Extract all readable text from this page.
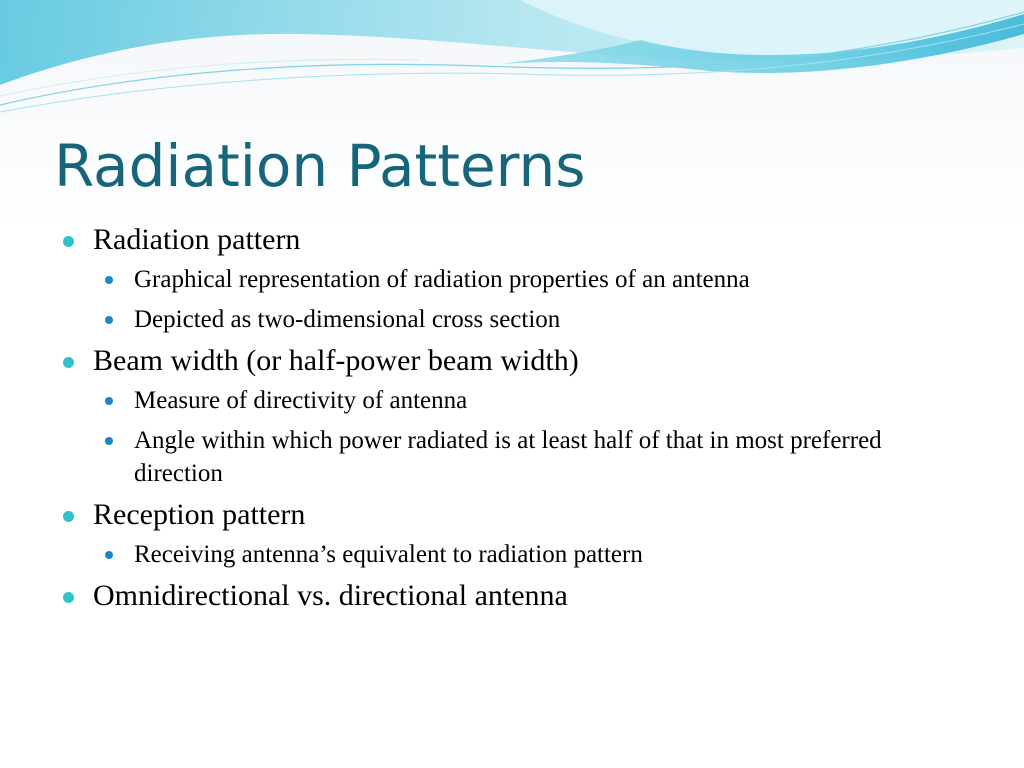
Radiation Patterns
Radiation pattern
Graphical representation of radiation properties of an antenna
Depicted as two-dimensional cross section
Beam width (or half-power beam width)
Measure of directivity of antenna
Angle within which power radiated is at least half of that in most preferred direction
Reception pattern
Receiving antenna’s equivalent to radiation pattern
Omnidirectional vs. directional antenna
